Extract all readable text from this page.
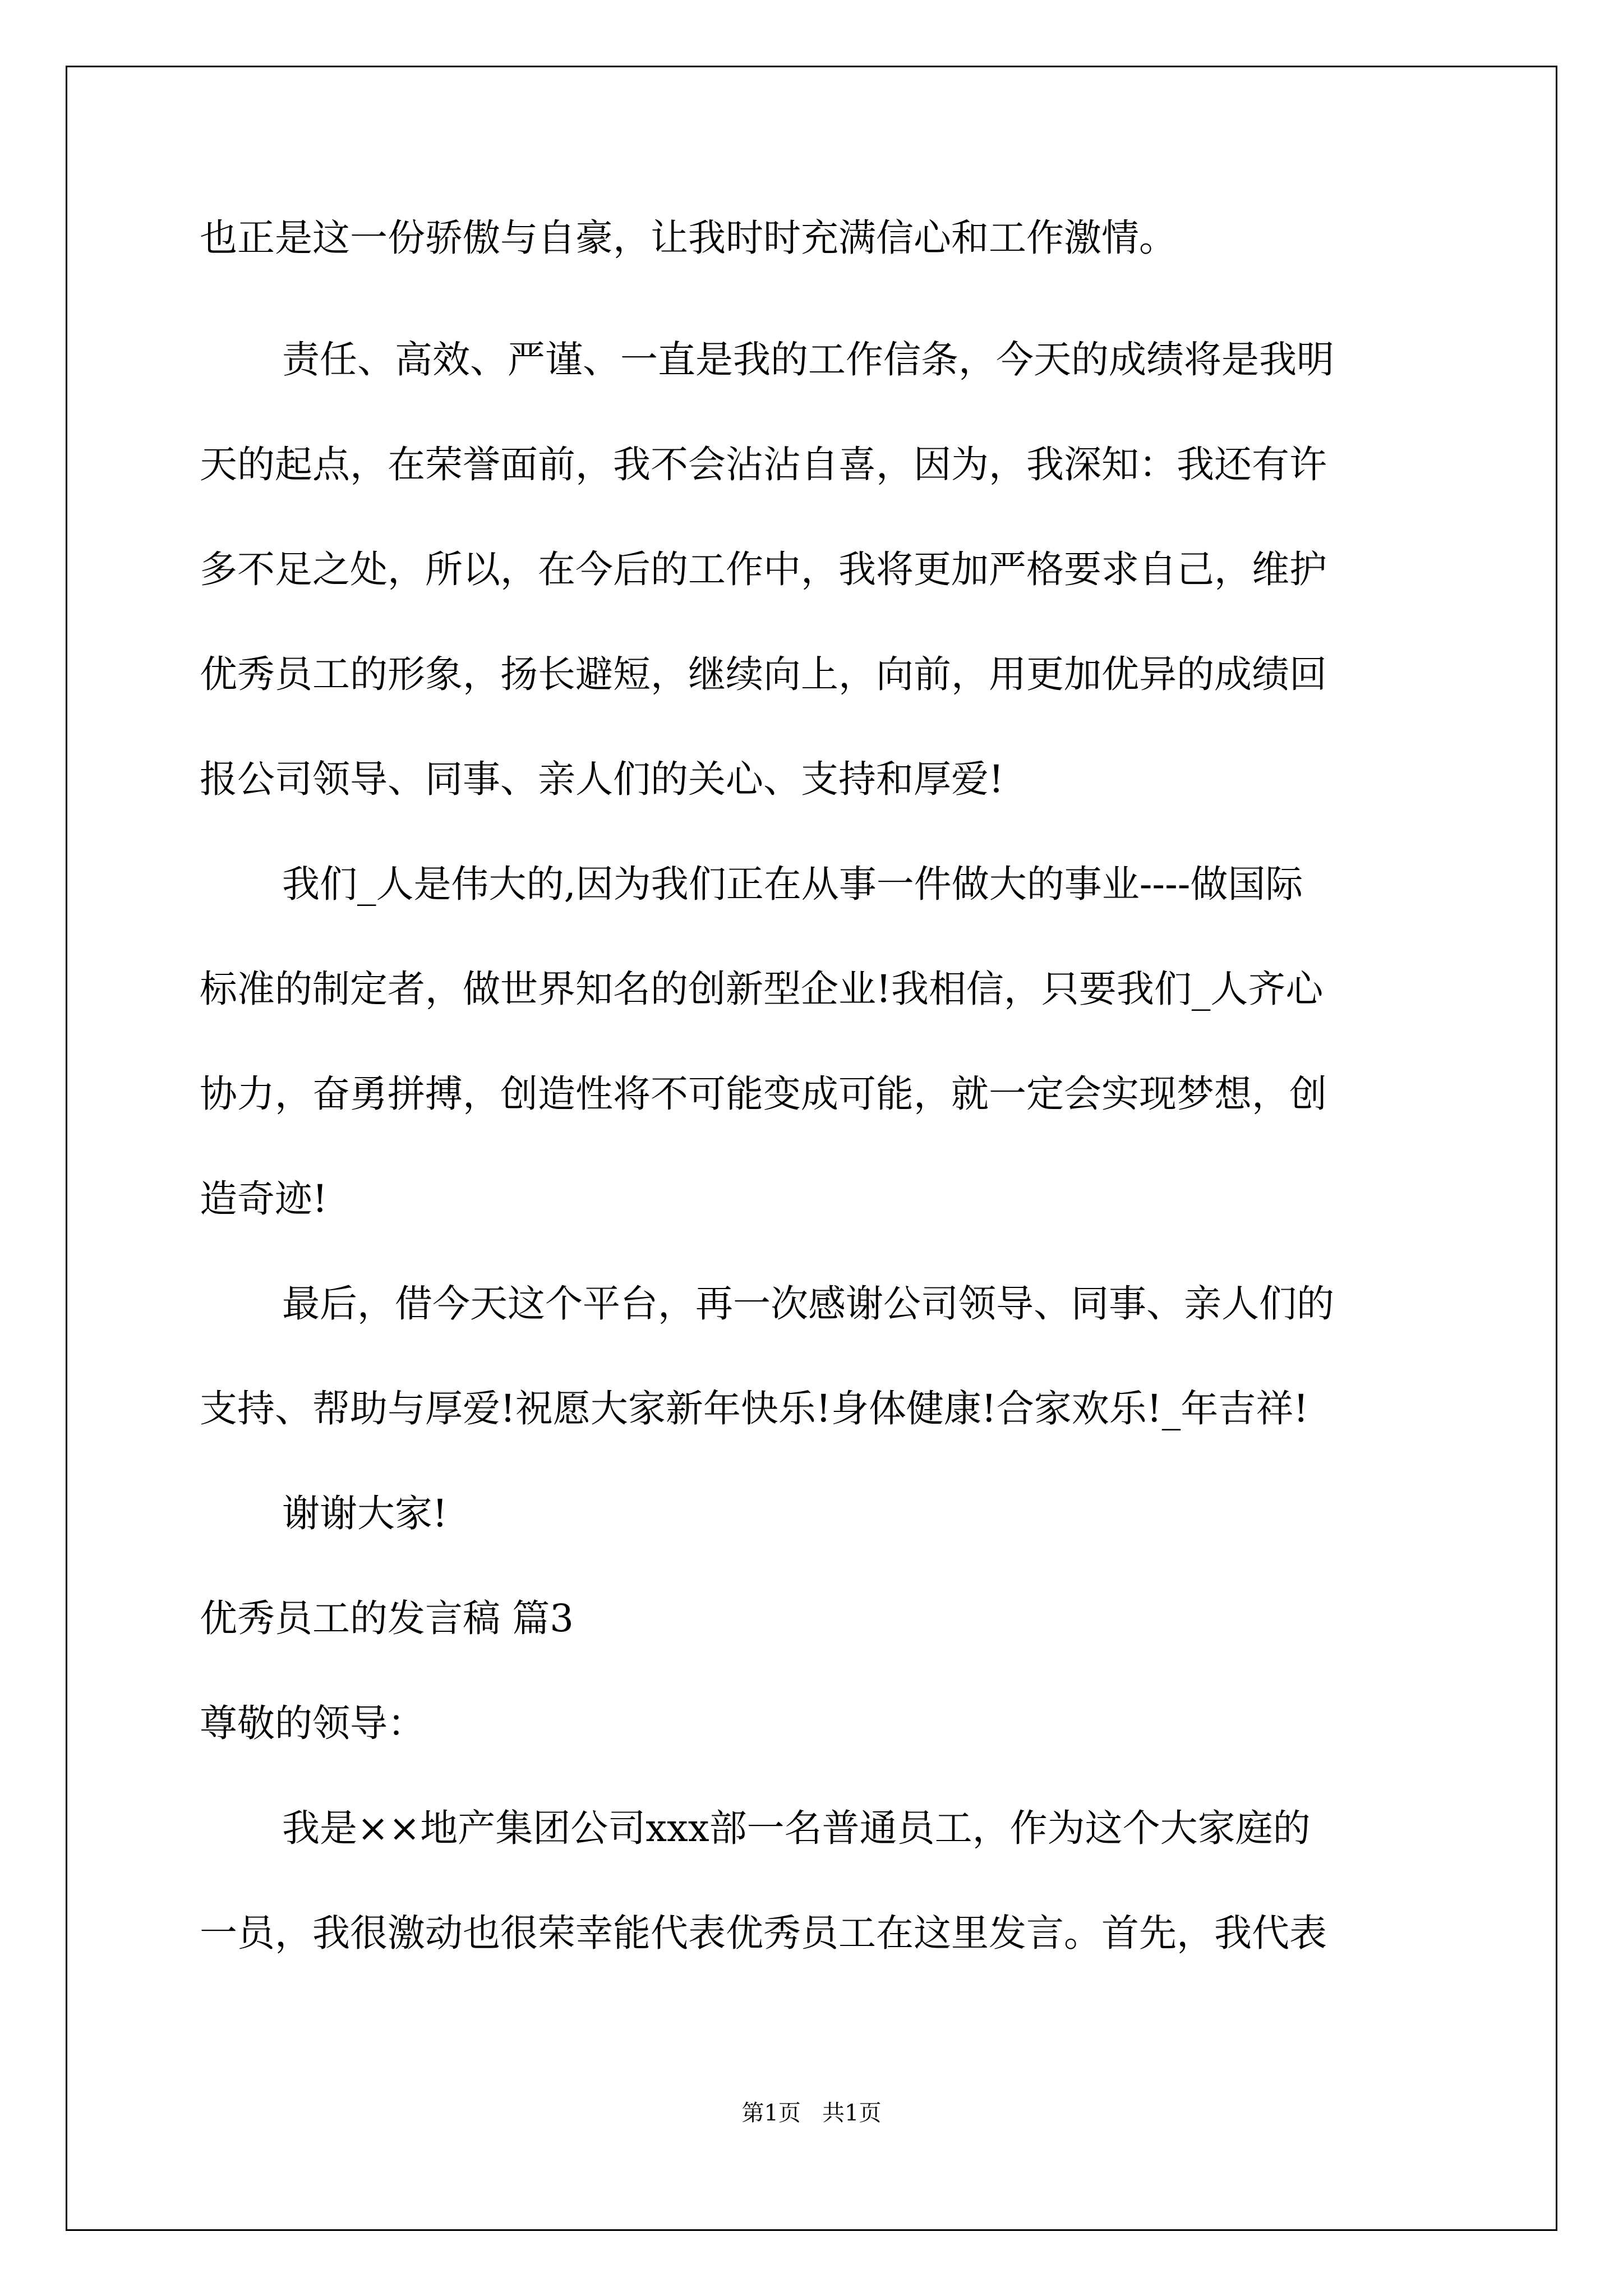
也正是这一份骄傲与自豪，让我时时充满信心和工作激情。
责任、高效、严谨、一直是我的工作信条，今天的成绩将是我明
天的起点，在荣誉面前，我不会沾沾自喜，因为，我深知：我还有许
多不足之处，所以，在今后的工作中，我将更加严格要求自己，维护
优秀员工的形象，扬长避短，继续向上，向前，用更加优异的成绩回
报公司领导、同事、亲人们的关心、支持和厚爱!
我们_人是伟大的,因为我们正在从事一件做大的事业----做国际
标准的制定者，做世界知名的创新型企业!我相信，只要我们_人齐心
协力，奋勇拼搏，创造性将不可能变成可能，就一定会实现梦想，创
造奇迹!
最后，借今天这个平台，再一次感谢公司领导、同事、亲人们的
支持、帮助与厚爱!祝愿大家新年快乐!身体健康!合家欢乐!_年吉祥!
谢谢大家!
优秀员工的发言稿 篇3
尊敬的领导：
我是××地产集团公司xxx部一名普通员工，作为这个大家庭的
一员，我很激动也很荣幸能代表优秀员工在这里发言。首先，我代表
第1页   共1页
